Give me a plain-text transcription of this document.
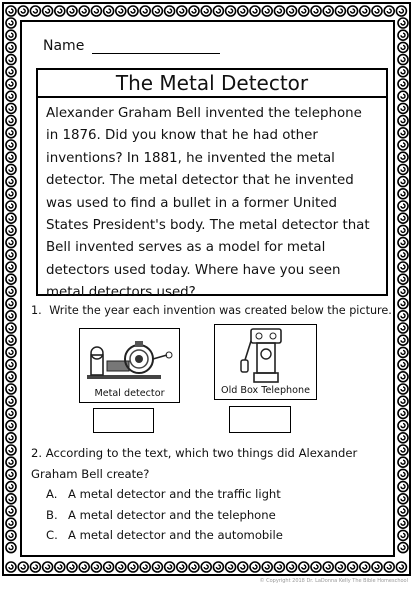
Name
The Metal Detector
Alexander Graham Bell invented the telephone in 1876. Did you know that he had other inventions? In 1881, he invented the metal detector. The metal detector that he invented was used to find a bullet in a former United States President's body. The metal detector that Bell invented serves as a model for metal detectors used today. Where have you seen metal detectors used?
1. Write the year each invention was created below the picture.
Metal detector	Old Box Telephone
2. According to the text, which two things did Alexander Graham Bell create?
A. A metal detector and the traffic light
B. A metal detector and the telephone
C. A metal detector and the automobile
© Copyright 2018 Dr. LaDonna Kelly The Bible Homeschool
